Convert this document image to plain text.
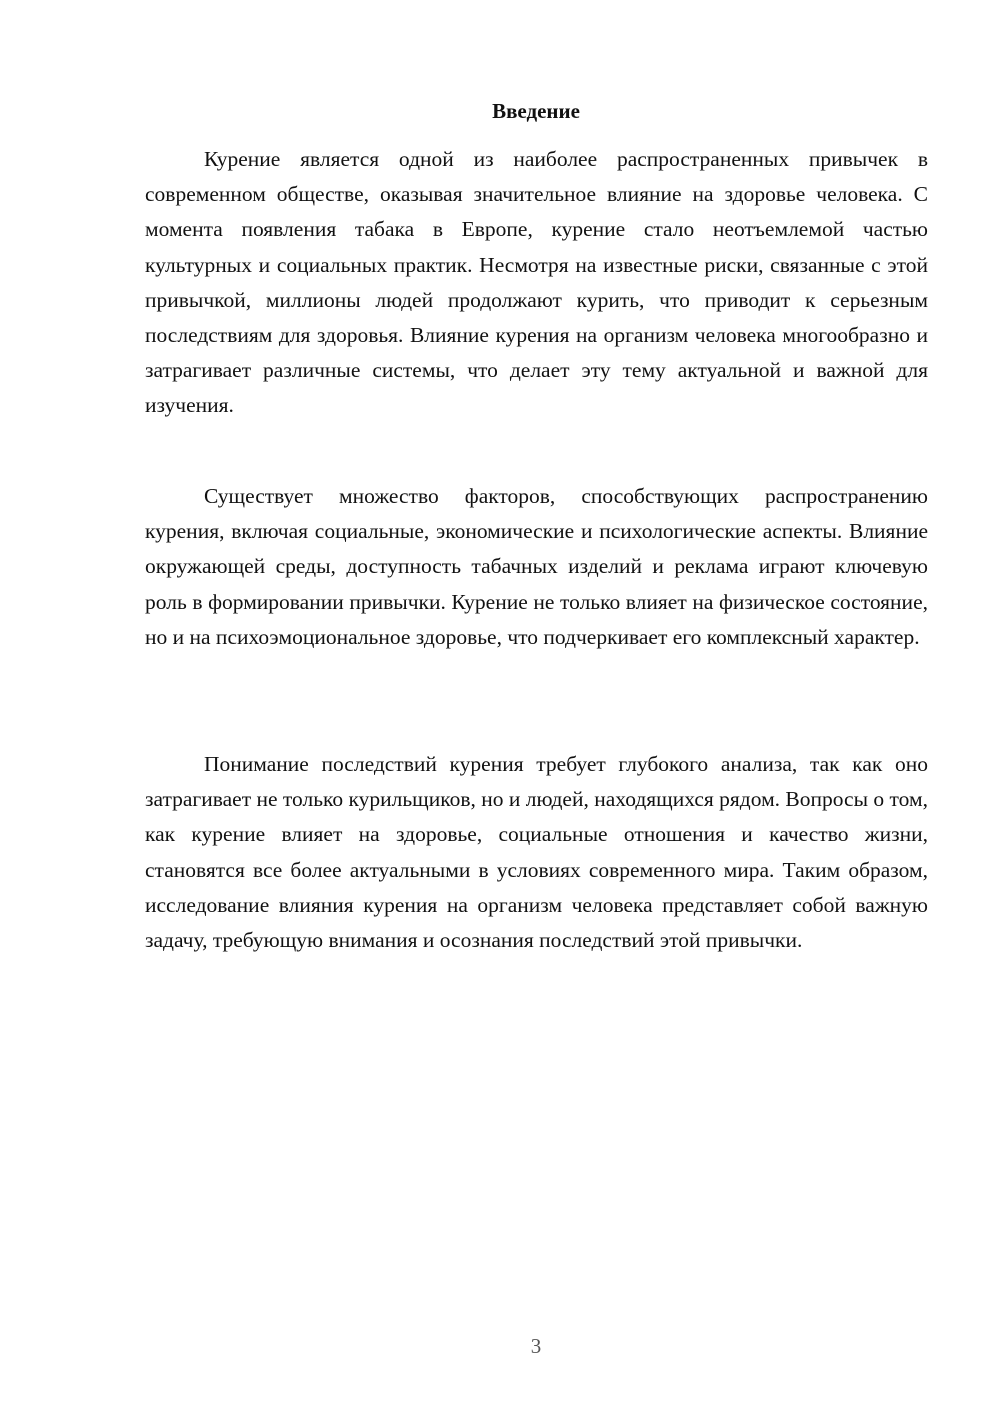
Введение

Курение является одной из наиболее распространенных привычек в современном обществе, оказывая значительное влияние на здоровье человека. С момента появления табака в Европе, курение стало неотъемлемой частью культурных и социальных практик. Несмотря на известные риски, связанные с этой привычкой, миллионы людей продолжают курить, что приводит к серьезным последствиям для здоровья. Влияние курения на организм человека многообразно и затрагивает различные системы, что делает эту тему актуальной и важной для изучения.

Существует множество факторов, способствующих распространению курения, включая социальные, экономические и психологические аспекты. Влияние окружающей среды, доступность табачных изделий и реклама играют ключевую роль в формировании привычки. Курение не только влияет на физическое состояние, но и на психоэмоциональное здоровье, что подчеркивает его комплексный характер.

Понимание последствий курения требует глубокого анализа, так как оно затрагивает не только курильщиков, но и людей, находящихся рядом. Вопросы о том, как курение влияет на здоровье, социальные отношения и качество жизни, становятся все более актуальными в условиях современного мира. Таким образом, исследование влияния курения на организм человека представляет собой важную задачу, требующую внимания и осознания последствий этой привычки.

3
